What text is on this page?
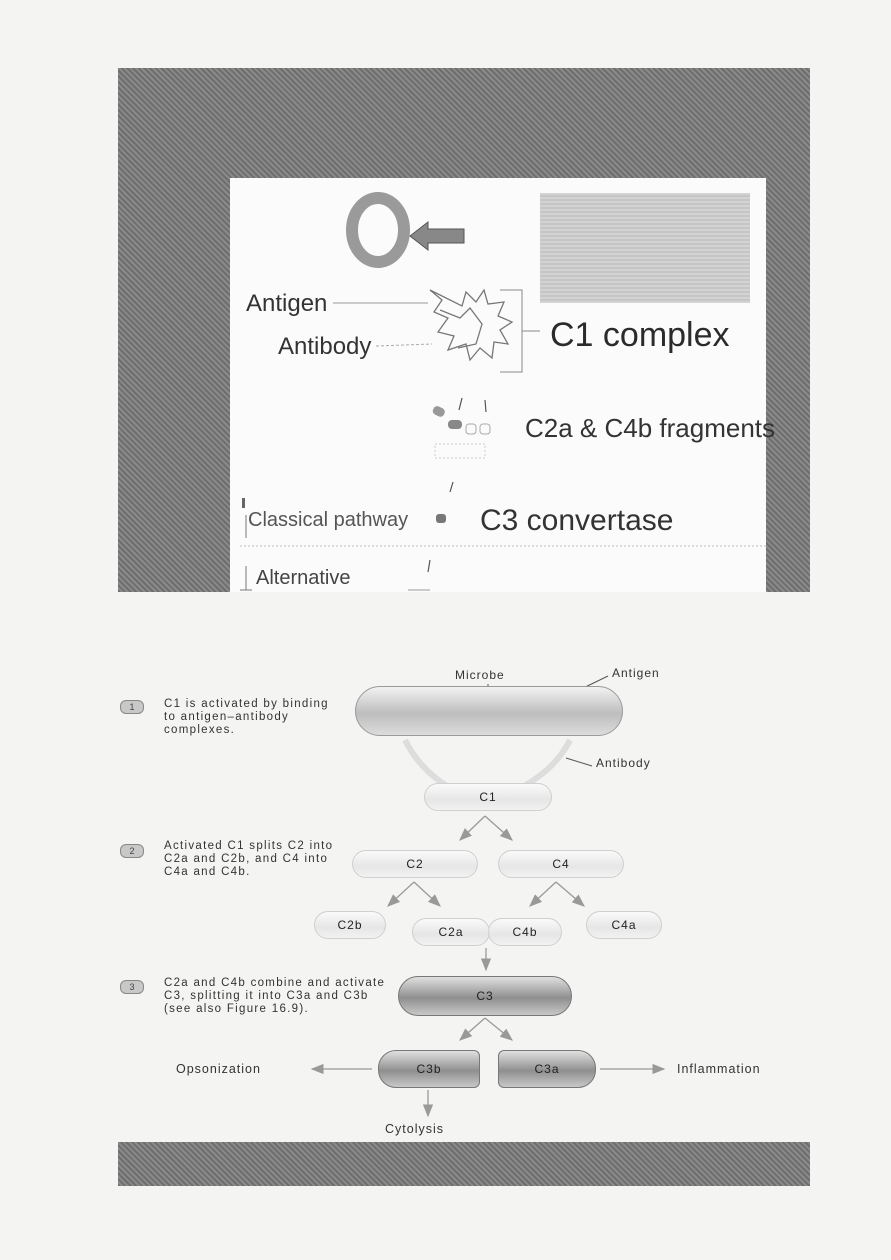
Antigen
Antibody	C1 complex
C2a & C4b fragments
Classical pathway C3 convertase
Alternative
Microbe	Antigen
Antibody
1	C1 is activated by binding to antigen–antibody complexes.
C1
2	Activated C1 splits C2 into C2a and C2b, and C4 into C4a and C4b.
C2	C4
C2b	C2a	C4b	C4a
3	C2a and C4b combine and activate C3, splitting it into C3a and C3b (see also Figure 16.9).
C3
C3b	C3a
Opsonization	Inflammation
Cytolysis
